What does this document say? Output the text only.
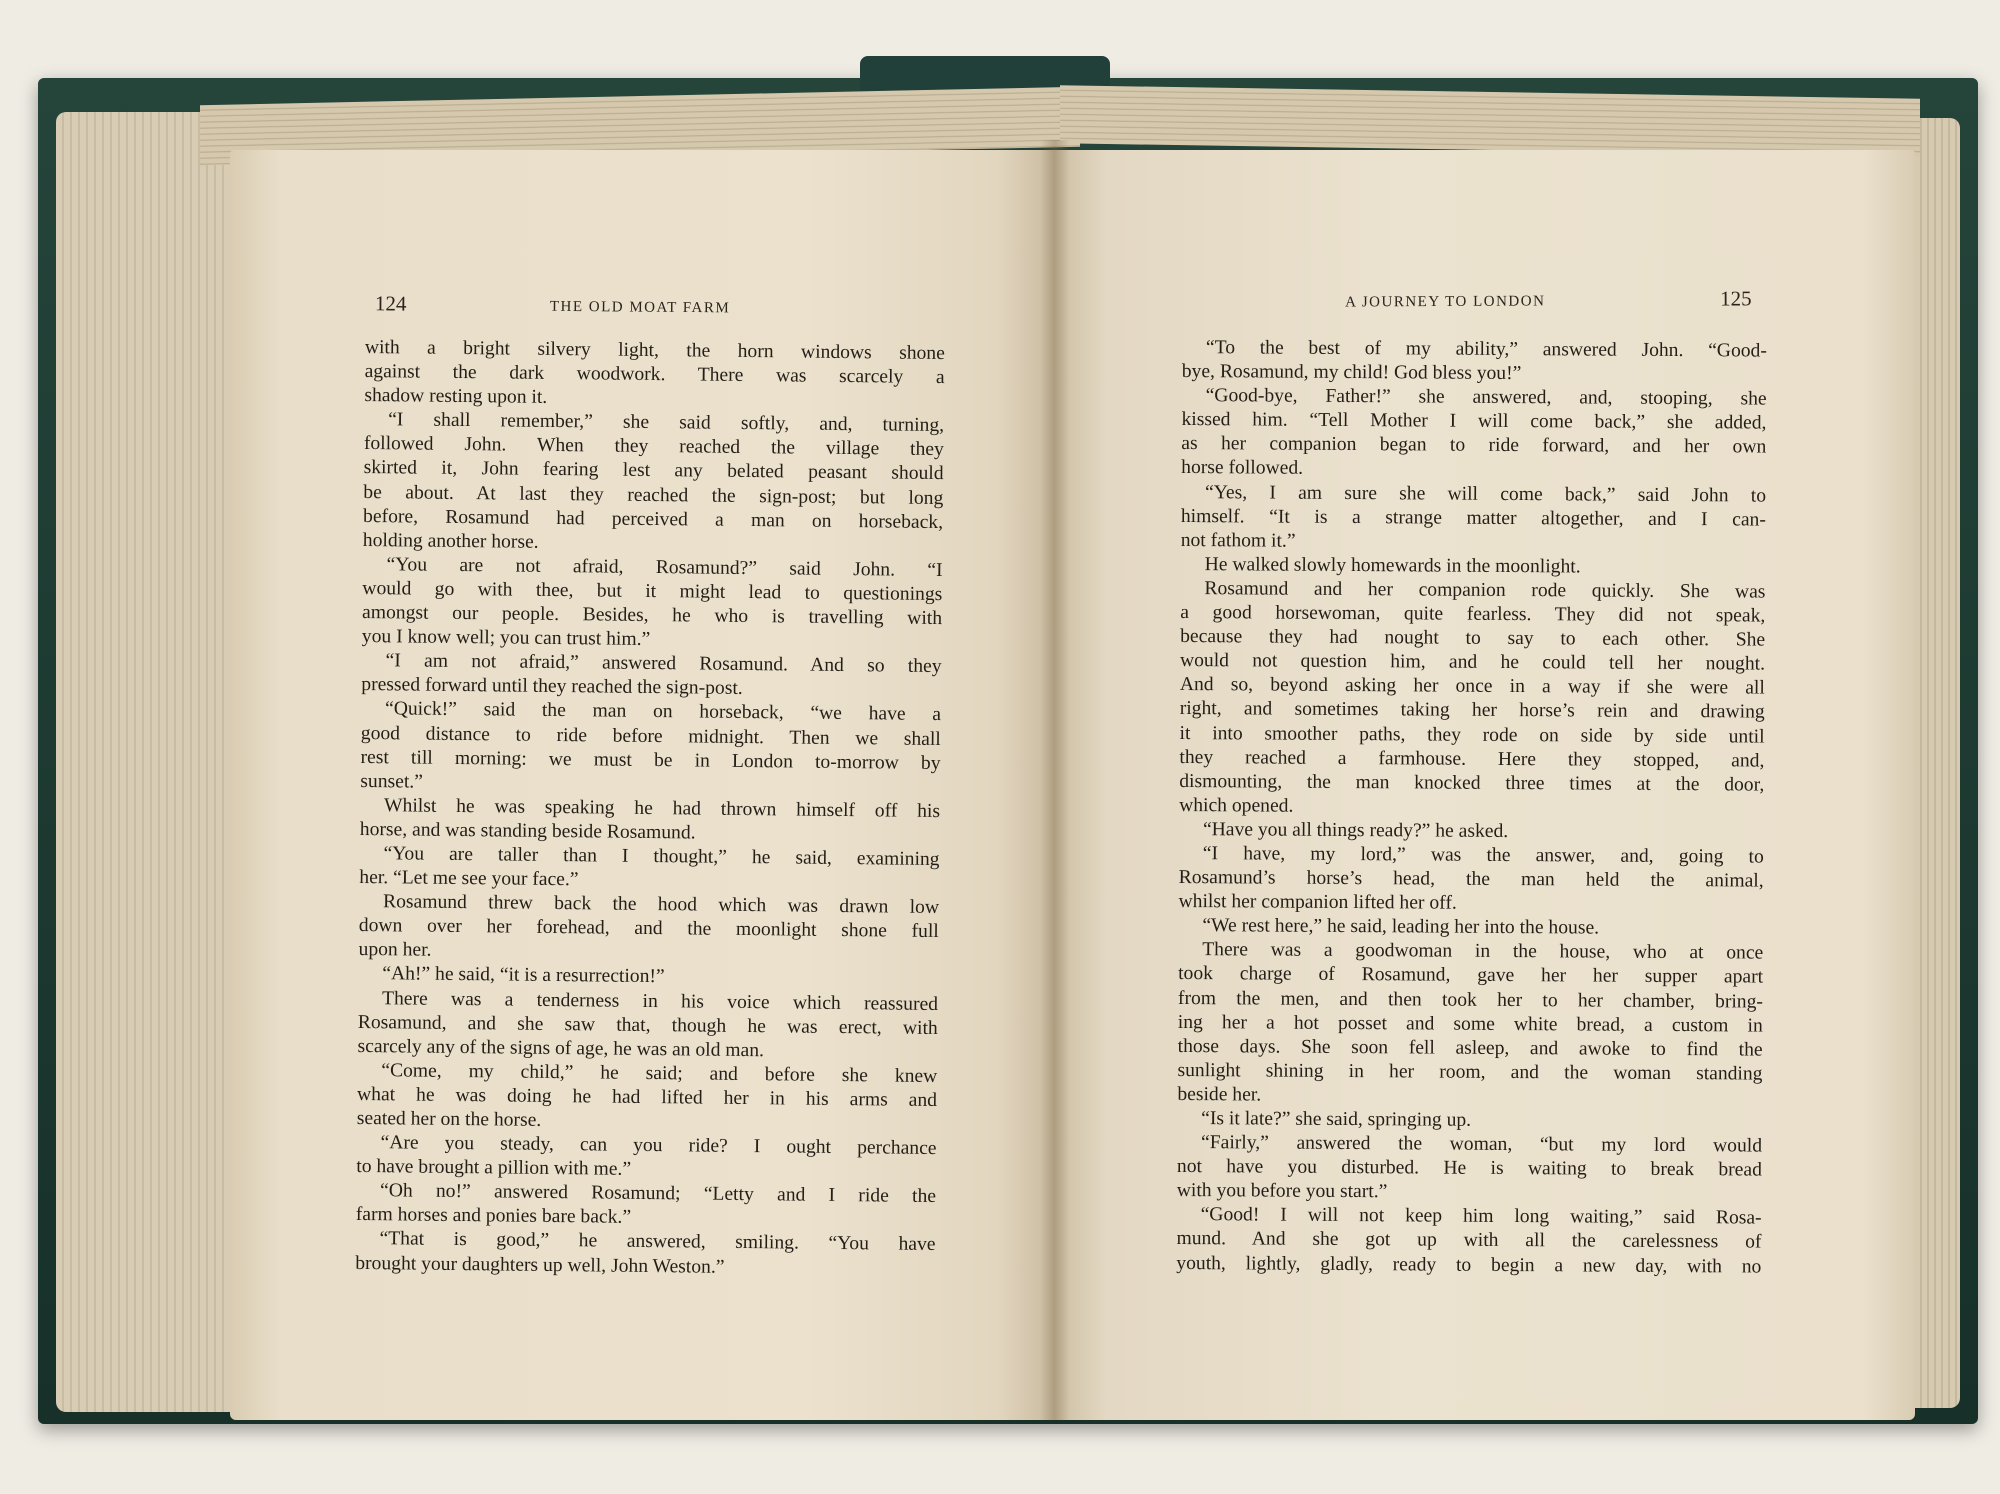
124	THE OLD MOAT FARM
with a bright silvery light, the horn windows shone
against the dark woodwork. There was scarcely a
shadow resting upon it.
“I shall remember,” she said softly, and, turning,
followed John. When they reached the village they
skirted it, John fearing lest any belated peasant should
be about. At last they reached the sign-post; but long
before, Rosamund had perceived a man on horseback,
holding another horse.
“You are not afraid, Rosamund?” said John. “I
would go with thee, but it might lead to questionings
amongst our people. Besides, he who is travelling with
you I know well; you can trust him.”
“I am not afraid,” answered Rosamund. And so they
pressed forward until they reached the sign-post.
“Quick!” said the man on horseback, “we have a
good distance to ride before midnight. Then we shall
rest till morning: we must be in London to-morrow by
sunset.”
Whilst he was speaking he had thrown himself off his
horse, and was standing beside Rosamund.
“You are taller than I thought,” he said, examining
her. “Let me see your face.”
Rosamund threw back the hood which was drawn low
down over her forehead, and the moonlight shone full
upon her.
“Ah!” he said, “it is a resurrection!”
There was a tenderness in his voice which reassured
Rosamund, and she saw that, though he was erect, with
scarcely any of the signs of age, he was an old man.
“Come, my child,” he said; and before she knew
what he was doing he had lifted her in his arms and
seated her on the horse.
“Are you steady, can you ride? I ought perchance
to have brought a pillion with me.”
“Oh no!” answered Rosamund; “Letty and I ride the
farm horses and ponies bare back.”
“That is good,” he answered, smiling. “You have
brought your daughters up well, John Weston.”
A JOURNEY TO LONDON	125
“To the best of my ability,” answered John. “Good-
bye, Rosamund, my child! God bless you!”
“Good-bye, Father!” she answered, and, stooping, she
kissed him. “Tell Mother I will come back,” she added,
as her companion began to ride forward, and her own
horse followed.
“Yes, I am sure she will come back,” said John to
himself. “It is a strange matter altogether, and I can-
not fathom it.”
He walked slowly homewards in the moonlight.
Rosamund and her companion rode quickly. She was
a good horsewoman, quite fearless. They did not speak,
because they had nought to say to each other. She
would not question him, and he could tell her nought.
And so, beyond asking her once in a way if she were all
right, and sometimes taking her horse’s rein and drawing
it into smoother paths, they rode on side by side until
they reached a farmhouse. Here they stopped, and,
dismounting, the man knocked three times at the door,
which opened.
“Have you all things ready?” he asked.
“I have, my lord,” was the answer, and, going to
Rosamund’s horse’s head, the man held the animal,
whilst her companion lifted her off.
“We rest here,” he said, leading her into the house.
There was a goodwoman in the house, who at once
took charge of Rosamund, gave her her supper apart
from the men, and then took her to her chamber, bring-
ing her a hot posset and some white bread, a custom in
those days. She soon fell asleep, and awoke to find the
sunlight shining in her room, and the woman standing
beside her.
“Is it late?” she said, springing up.
“Fairly,” answered the woman, “but my lord would
not have you disturbed. He is waiting to break bread
with you before you start.”
“Good! I will not keep him long waiting,” said Rosa-
mund. And she got up with all the carelessness of
youth, lightly, gladly, ready to begin a new day, with no
